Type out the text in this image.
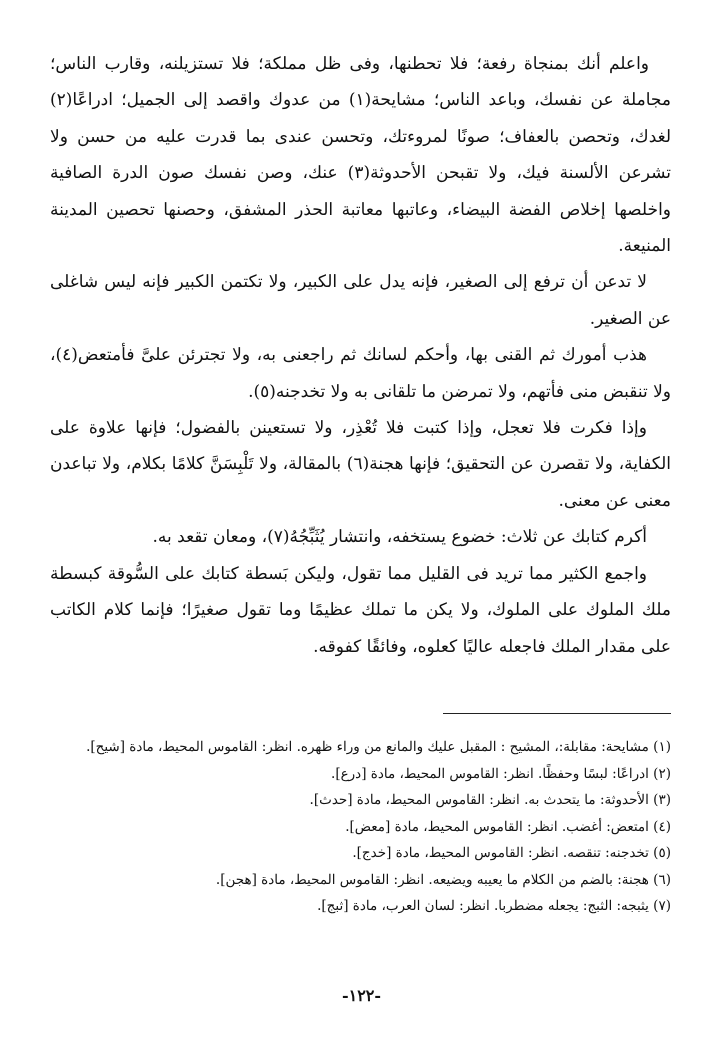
واعلم أنك بمنجاة رفعة؛ فلا تحطنها، وفى ظل مملكة؛ فلا تستزيلنه، وقارب الناس؛ مجاملة عن نفسك، وباعد الناس؛ مشايحة(١) من عدوك واقصد إلى الجميل؛ ادراعًا(٢) لغدك، وتحصن بالعفاف؛ صونًا لمروءتك، وتحسن عندى بما قدرت عليه من حسن ولا تشرعن الألسنة فيك، ولا تقبحن الأحدوثة(٣) عنك، وصن نفسك صون الدرة الصافية واخلصها إخلاص الفضة البيضاء، وعاتبها معاتبة الحذر المشفق، وحصنها تحصين المدينة المنيعة.

لا تدعن أن ترفع إلى الصغير، فإنه يدل على الكبير، ولا تكتمن الكبير فإنه ليس شاغلى عن الصغير.

هذب أمورك ثم القنى بها، وأحكم لسانك ثم راجعنى به، ولا تجترئن علىَّ فأمتعض(٤)، ولا تنقبض منى فأتهم، ولا تمرضن ما تلقانى به ولا تخدجنه(٥).

وإذا فكرت فلا تعجل، وإذا كتبت فلا تُعْذِر، ولا تستعينن بالفضول؛ فإنها علاوة على الكفاية، ولا تقصرن عن التحقيق؛ فإنها هجنة(٦) بالمقالة، ولا تَلْبِسَنَّ كلامًا بكلام، ولا تباعدن معنى عن معنى.

أكرم كتابك عن ثلاث: خضوع يستخفه، وانتشار يُثَبِّجُهُ(٧)، ومعان تقعد به.

واجمع الكثير مما تريد فى القليل مما تقول، وليكن بَسطة كتابك على السُّوقة كبسطة ملك الملوك على الملوك، ولا يكن ما تملك عظيمًا وما تقول صغيرًا؛ فإنما كلام الكاتب على مقدار الملك فاجعله عاليًا كعلوه، وفائقًا كفوقه.

(١) مشايحة: مقابلة:، المشيح : المقبل عليك والمانع من وراء ظهره. انظر: القاموس المحيط، مادة [شيح].
(٢) ادراعًا: لبسًا وحفظًا. انظر: القاموس المحيط، مادة [درع].
(٣) الأحدوثة: ما يتحدث به. انظر: القاموس المحيط، مادة [حدث].
(٤) امتعض: أغضب. انظر: القاموس المحيط، مادة [معض].
(٥) تخدجنه: تنقصه. انظر: القاموس المحيط، مادة [خدج].
(٦) هجنة: بالضم من الكلام ما يعيبه ويضيعه. انظر: القاموس المحيط، مادة [هجن].
(٧) يثبجه: الثبج: يجعله مضطربا. انظر: لسان العرب، مادة [ثبج].
-١٢٢-
